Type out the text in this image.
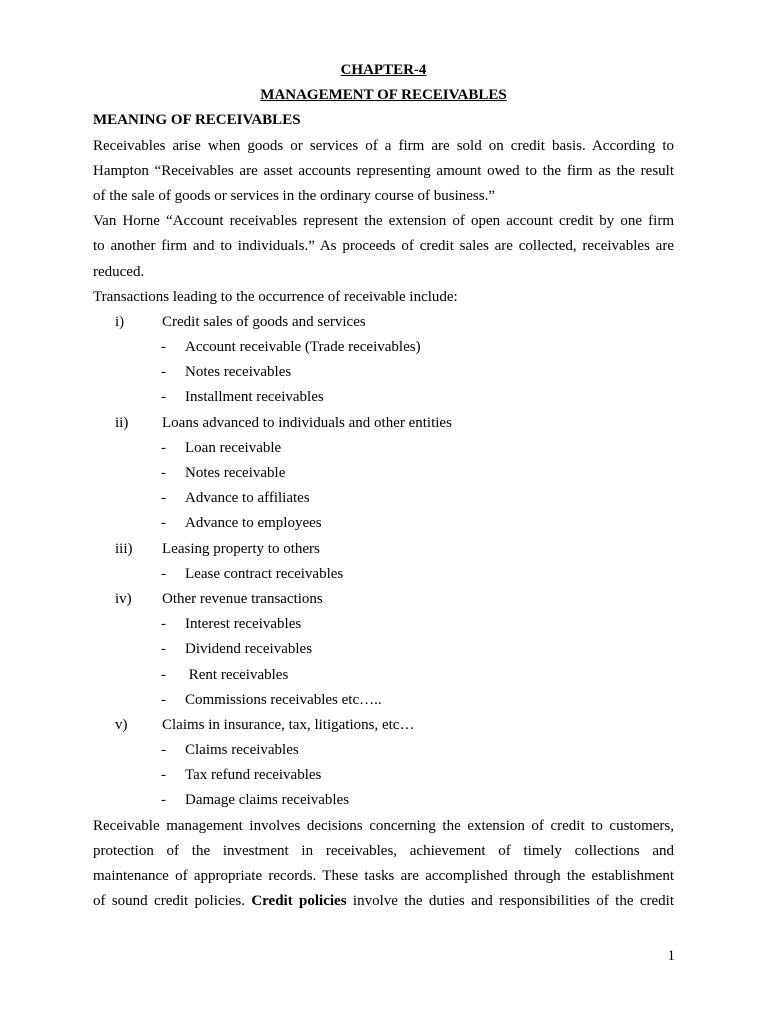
CHAPTER-4
MANAGEMENT OF RECEIVABLES
MEANING OF RECEIVABLES
Receivables arise when goods or services of a firm are sold on credit basis. According to
Hampton “Receivables are asset accounts representing amount owed to the firm as the result
of the sale of goods or services in the ordinary course of business.”
Van Horne “Account receivables represent the extension of open account credit by one firm
to another firm and to individuals.” As proceeds of credit sales are collected, receivables are
reduced.
Transactions leading to the occurrence of receivable include:
i)	Credit sales of goods and services
- Account receivable (Trade receivables)
- Notes receivables
- Installment receivables
ii) Loans advanced to individuals and other entities
- Loan receivable
- Notes receivable
- Advance to affiliates
- Advance to employees
iii) Leasing property to others
- Lease contract receivables
iv) Other revenue transactions
- Interest receivables
- Dividend receivables
- Rent receivables
- Commissions receivables etc…..
v) Claims in insurance, tax, litigations, etc…
- Claims receivables
- Tax refund receivables
- Damage claims receivables
Receivable management involves decisions concerning the extension of credit to customers,
protection of the investment in receivables, achievement of timely collections and
maintenance of appropriate records. These tasks are accomplished through the establishment
of sound credit policies. Credit policies involve the duties and responsibilities of the credit
1
